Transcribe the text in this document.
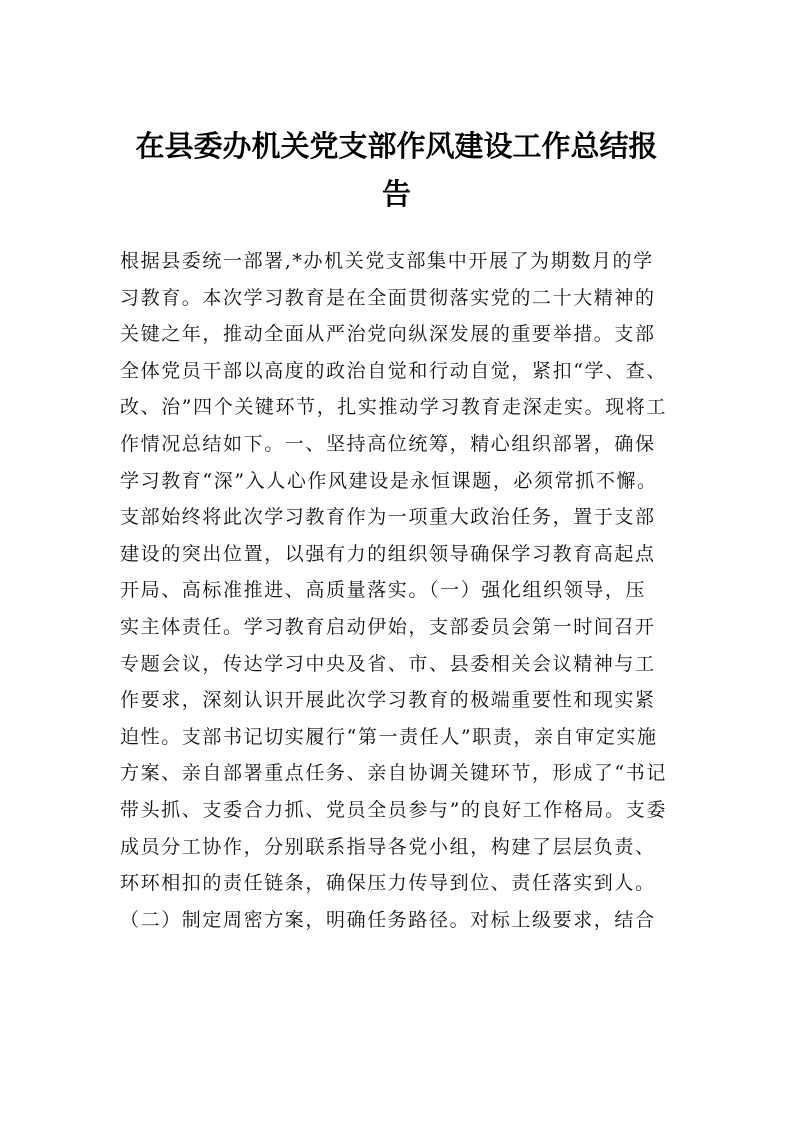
在县委办机关党支部作风建设工作总结报
告
根据县委统一部署,*办机关党支部集中开展了为期数月的学
习教育。本次学习教育是在全面贯彻落实党的二十大精神的
关键之年，推动全面从严治党向纵深发展的重要举措。支部
全体党员干部以高度的政治自觉和行动自觉，紧扣“学、查、
改、治”四个关键环节，扎实推动学习教育走深走实。现将工
作情况总结如下。一、坚持高位统筹，精心组织部署，确保
学习教育“深”入人心作风建设是永恒课题，必须常抓不懈。
支部始终将此次学习教育作为一项重大政治任务，置于支部
建设的突出位置，以强有力的组织领导确保学习教育高起点
开局、高标准推进、高质量落实。（一）强化组织领导，压
实主体责任。学习教育启动伊始，支部委员会第一时间召开
专题会议，传达学习中央及省、市、县委相关会议精神与工
作要求，深刻认识开展此次学习教育的极端重要性和现实紧
迫性。支部书记切实履行“第一责任人”职责，亲自审定实施
方案、亲自部署重点任务、亲自协调关键环节，形成了“书记
带头抓、支委合力抓、党员全员参与”的良好工作格局。支委
成员分工协作，分别联系指导各党小组，构建了层层负责、
环环相扣的责任链条，确保压力传导到位、责任落实到人。
（二）制定周密方案，明确任务路径。对标上级要求，结合
